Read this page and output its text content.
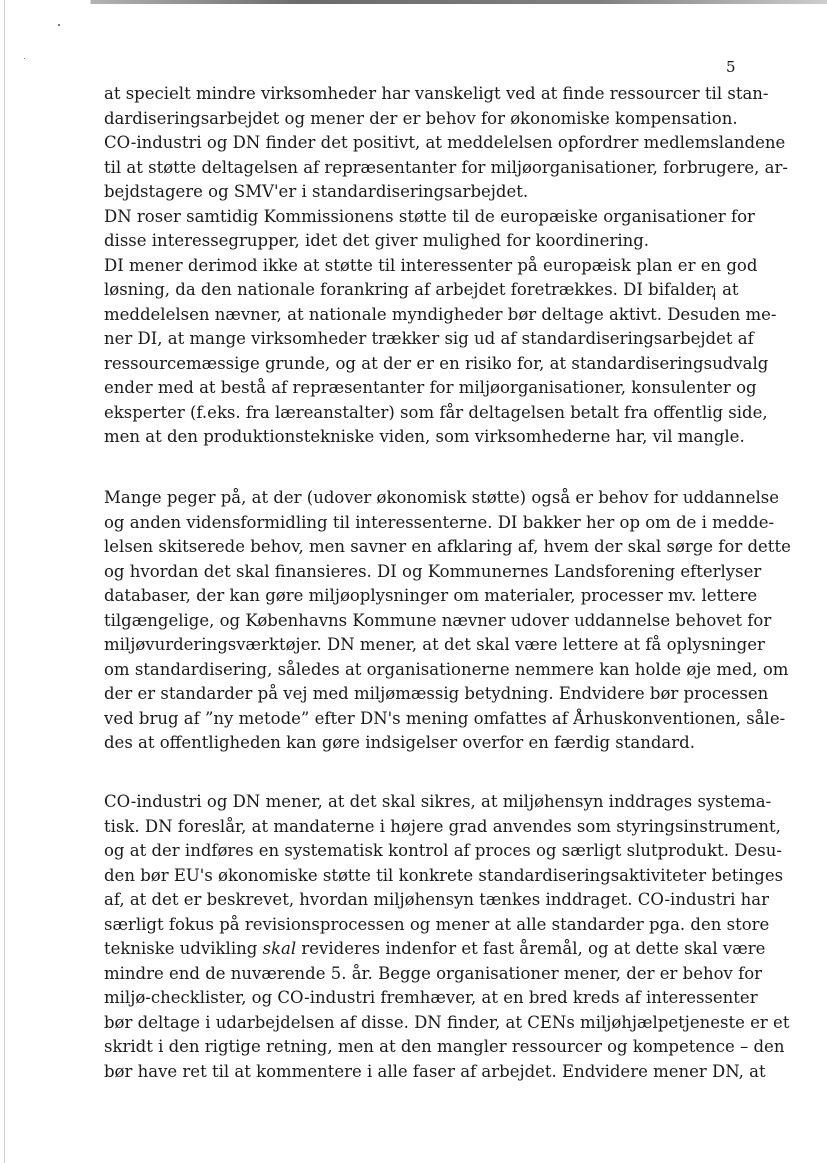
5
at specielt mindre virksomheder har vanskeligt ved at finde ressourcer til stan-
dardiseringsarbejdet og mener der er behov for økonomiske kompensation.
CO-industri og DN finder det positivt, at meddelelsen opfordrer medlemslandene
til at støtte deltagelsen af repræsentanter for miljøorganisationer, forbrugere, ar-
bejdstagere og SMV'er i standardiseringsarbejdet.
DN roser samtidig Kommissionens støtte til de europæiske organisationer for
disse interessegrupper, idet det giver mulighed for koordinering.
DI mener derimod ikke at støtte til interessenter på europæisk plan er en god
løsning, da den nationale forankring af arbejdet foretrækkes. DI bifalder, at
meddelelsen nævner, at nationale myndigheder bør deltage aktivt. Desuden me-
ner DI, at mange virksomheder trækker sig ud af standardiseringsarbejdet af
ressourcemæssige grunde, og at der er en risiko for, at standardiseringsudvalg
ender med at bestå af repræsentanter for miljøorganisationer, konsulenter og
eksperter (f.eks. fra læreanstalter) som får deltagelsen betalt fra offentlig side,
men at den produktionstekniske viden, som virksomhederne har, vil mangle.
Mange peger på, at der (udover økonomisk støtte) også er behov for uddannelse
og anden vidensformidling til interessenterne. DI bakker her op om de i medde-
lelsen skitserede behov, men savner en afklaring af, hvem der skal sørge for dette
og hvordan det skal finansieres. DI og Kommunernes Landsforening efterlyser
databaser, der kan gøre miljøoplysninger om materialer, processer mv. lettere
tilgængelige, og Københavns Kommune nævner udover uddannelse behovet for
miljøvurderingsværktøjer. DN mener, at det skal være lettere at få oplysninger
om standardisering, således at organisationerne nemmere kan holde øje med, om
der er standarder på vej med miljømæssig betydning. Endvidere bør processen
ved brug af ”ny metode” efter DN's mening omfattes af Århuskonventionen, såle-
des at offentligheden kan gøre indsigelser overfor en færdig standard.
CO-industri og DN mener, at det skal sikres, at miljøhensyn inddrages systema-
tisk. DN foreslår, at mandaterne i højere grad anvendes som styringsinstrument,
og at der indføres en systematisk kontrol af proces og særligt slutprodukt. Desu-
den bør EU's økonomiske støtte til konkrete standardiseringsaktiviteter betinges
af, at det er beskrevet, hvordan miljøhensyn tænkes inddraget. CO-industri har
særligt fokus på revisionsprocessen og mener at alle standarder pga. den store
tekniske udvikling skal revideres indenfor et fast åremål, og at dette skal være
mindre end de nuværende 5. år. Begge organisationer mener, der er behov for
miljø-checklister, og CO-industri fremhæver, at en bred kreds af interessenter
bør deltage i udarbejdelsen af disse. DN finder, at CENs miljøhjælpetjeneste er et
skridt i den rigtige retning, men at den mangler ressourcer og kompetence – den
bør have ret til at kommentere i alle faser af arbejdet. Endvidere mener DN, at
